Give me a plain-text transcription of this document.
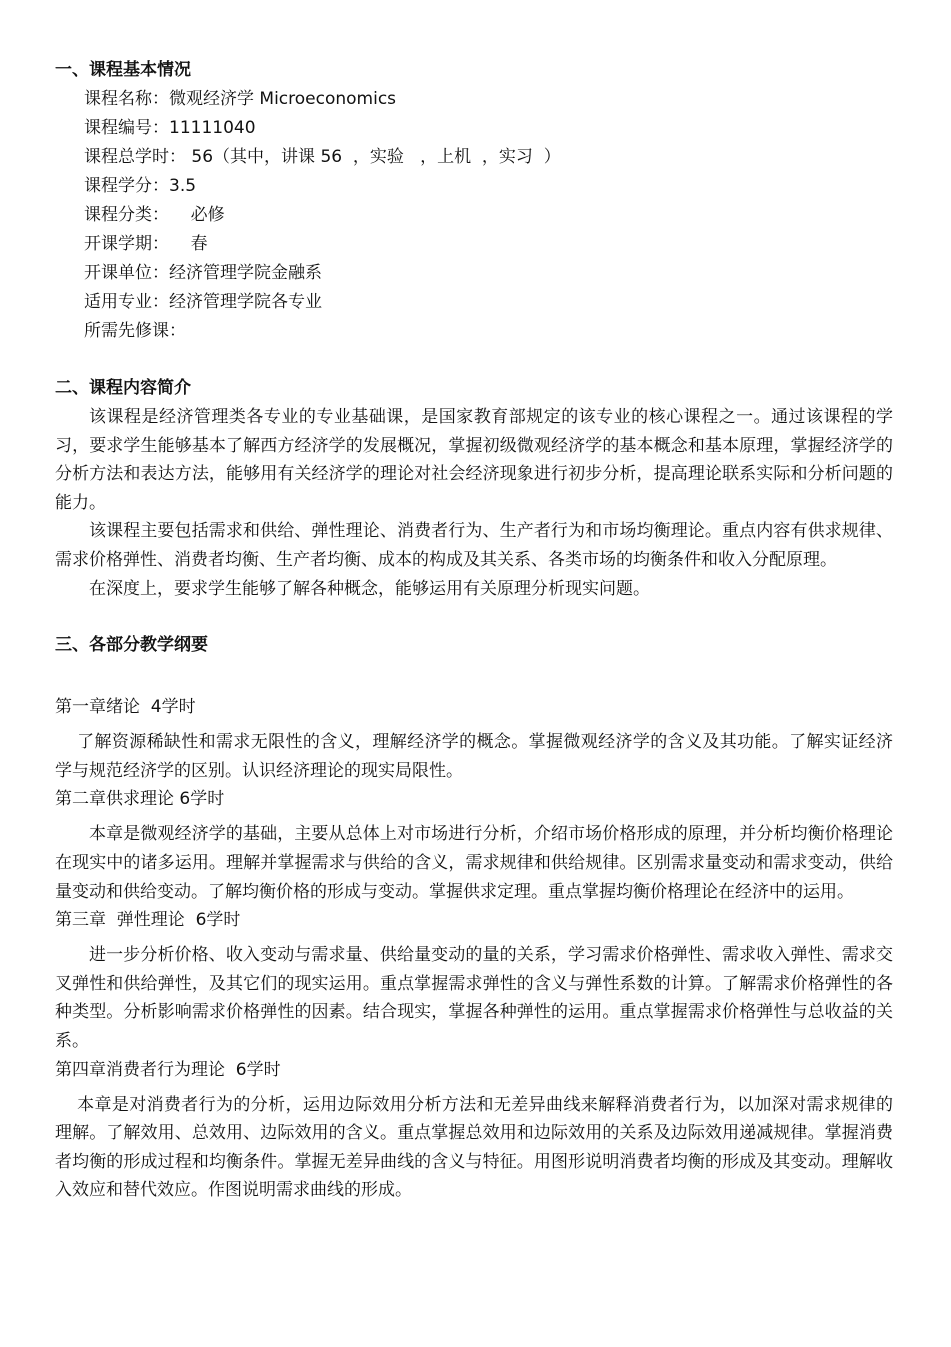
一、课程基本情况
课程名称：微观经济学 Microeconomics
课程编号：11111040
课程总学时： 56（其中，讲课 56  ，实验   ，上机  ，实习  ）
课程学分：3.5
课程分类：    必修
开课学期：    春
开课单位：经济管理学院金融系
适用专业：经济管理学院各专业
所需先修课：
二、课程内容简介

该课程是经济管理类各专业的专业基础课，是国家教育部规定的该专业的核心课程之一。通过该课程的学习，要求学生能够基本了解西方经济学的发展概况，掌握初级微观经济学的基本概念和基本原理，掌握经济学的分析方法和表达方法，能够用有关经济学的理论对社会经济现象进行初步分析，提高理论联系实际和分析问题的能力。

该课程主要包括需求和供给、弹性理论、消费者行为、生产者行为和市场均衡理论。重点内容有供求规律、需求价格弹性、消费者均衡、生产者均衡、成本的构成及其关系、各类市场的均衡条件和收入分配原理。

在深度上，要求学生能够了解各种概念，能够运用有关原理分析现实问题。

三、各部分教学纲要

第一章绪论  4学时

了解资源稀缺性和需求无限性的含义，理解经济学的概念。掌握微观经济学的含义及其功能。了解实证经济学与规范经济学的区别。认识经济理论的现实局限性。

第二章供求理论 6学时

本章是微观经济学的基础，主要从总体上对市场进行分析，介绍市场价格形成的原理，并分析均衡价格理论在现实中的诸多运用。理解并掌握需求与供给的含义，需求规律和供给规律。区别需求量变动和需求变动，供给量变动和供给变动。了解均衡价格的形成与变动。掌握供求定理。重点掌握均衡价格理论在经济中的运用。

第三章  弹性理论  6学时

进一步分析价格、收入变动与需求量、供给量变动的量的关系，学习需求价格弹性、需求收入弹性、需求交叉弹性和供给弹性，及其它们的现实运用。重点掌握需求弹性的含义与弹性系数的计算。了解需求价格弹性的各种类型。分析影响需求价格弹性的因素。结合现实，掌握各种弹性的运用。重点掌握需求价格弹性与总收益的关系。

第四章消费者行为理论  6学时

本章是对消费者行为的分析，运用边际效用分析方法和无差异曲线来解释消费者行为，以加深对需求规律的理解。了解效用、总效用、边际效用的含义。重点掌握总效用和边际效用的关系及边际效用递减规律。掌握消费者均衡的形成过程和均衡条件。掌握无差异曲线的含义与特征。用图形说明消费者均衡的形成及其变动。理解收入效应和替代效应。作图说明需求曲线的形成。
